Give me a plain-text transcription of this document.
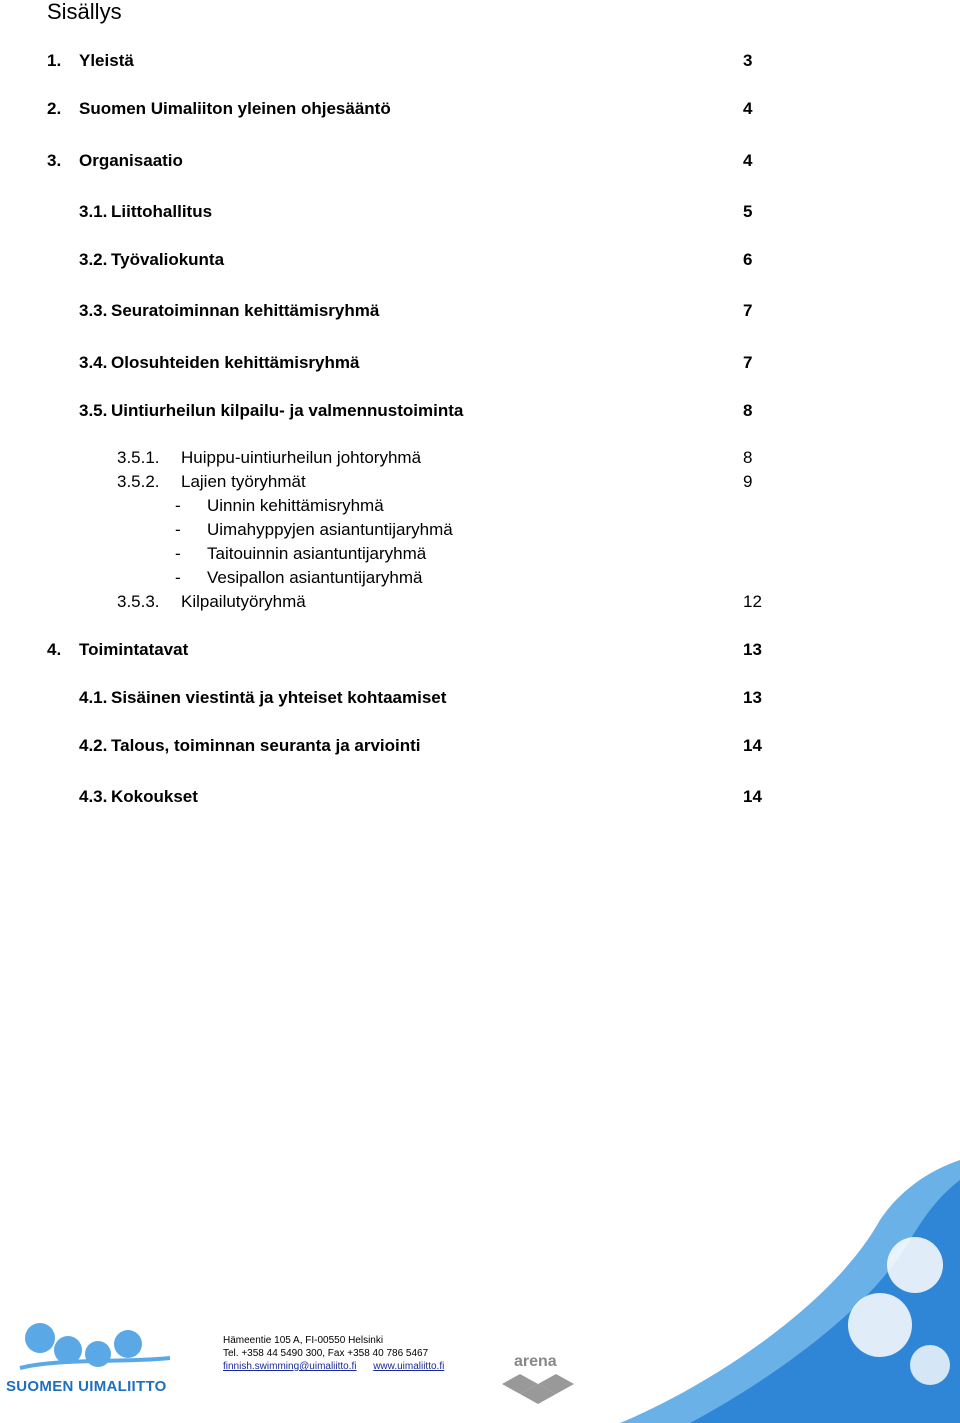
Sisällys
1. Yleistä	3
2. Suomen Uimaliiton yleinen ohjesääntö	4
3. Organisaatio	4
3.1. Liittohallitus	5
3.2. Työvaliokunta	6
3.3. Seuratoiminnan kehittämisryhmä	7
3.4. Olosuhteiden kehittämisryhmä	7
3.5. Uintiurheilun kilpailu- ja valmennustoiminta	8
3.5.1. Huippu-uintiurheilun johtoryhmä	8
3.5.2. Lajien työryhmät	9
- Uinnin kehittämisryhmä
- Uimahyppyjen asiantuntijaryhmä
- Taitouinnin asiantuntijaryhmä
- Vesipallon asiantuntijaryhmä
3.5.3. Kilpailutyöryhmä	12
4. Toimintatavat	13
4.1. Sisäinen viestintä ja yhteiset kohtaamiset	13
4.2. Talous, toiminnan seuranta ja arviointi	14
4.3. Kokoukset	14
SUOMEN UIMALIITTO
Hämeentie 105 A, FI-00550 Helsinki
Tel. +358 44 5490 300, Fax +358 40 786 5467
finnish.swimming@uimaliitto.fi www.uimaliitto.fi	arena
